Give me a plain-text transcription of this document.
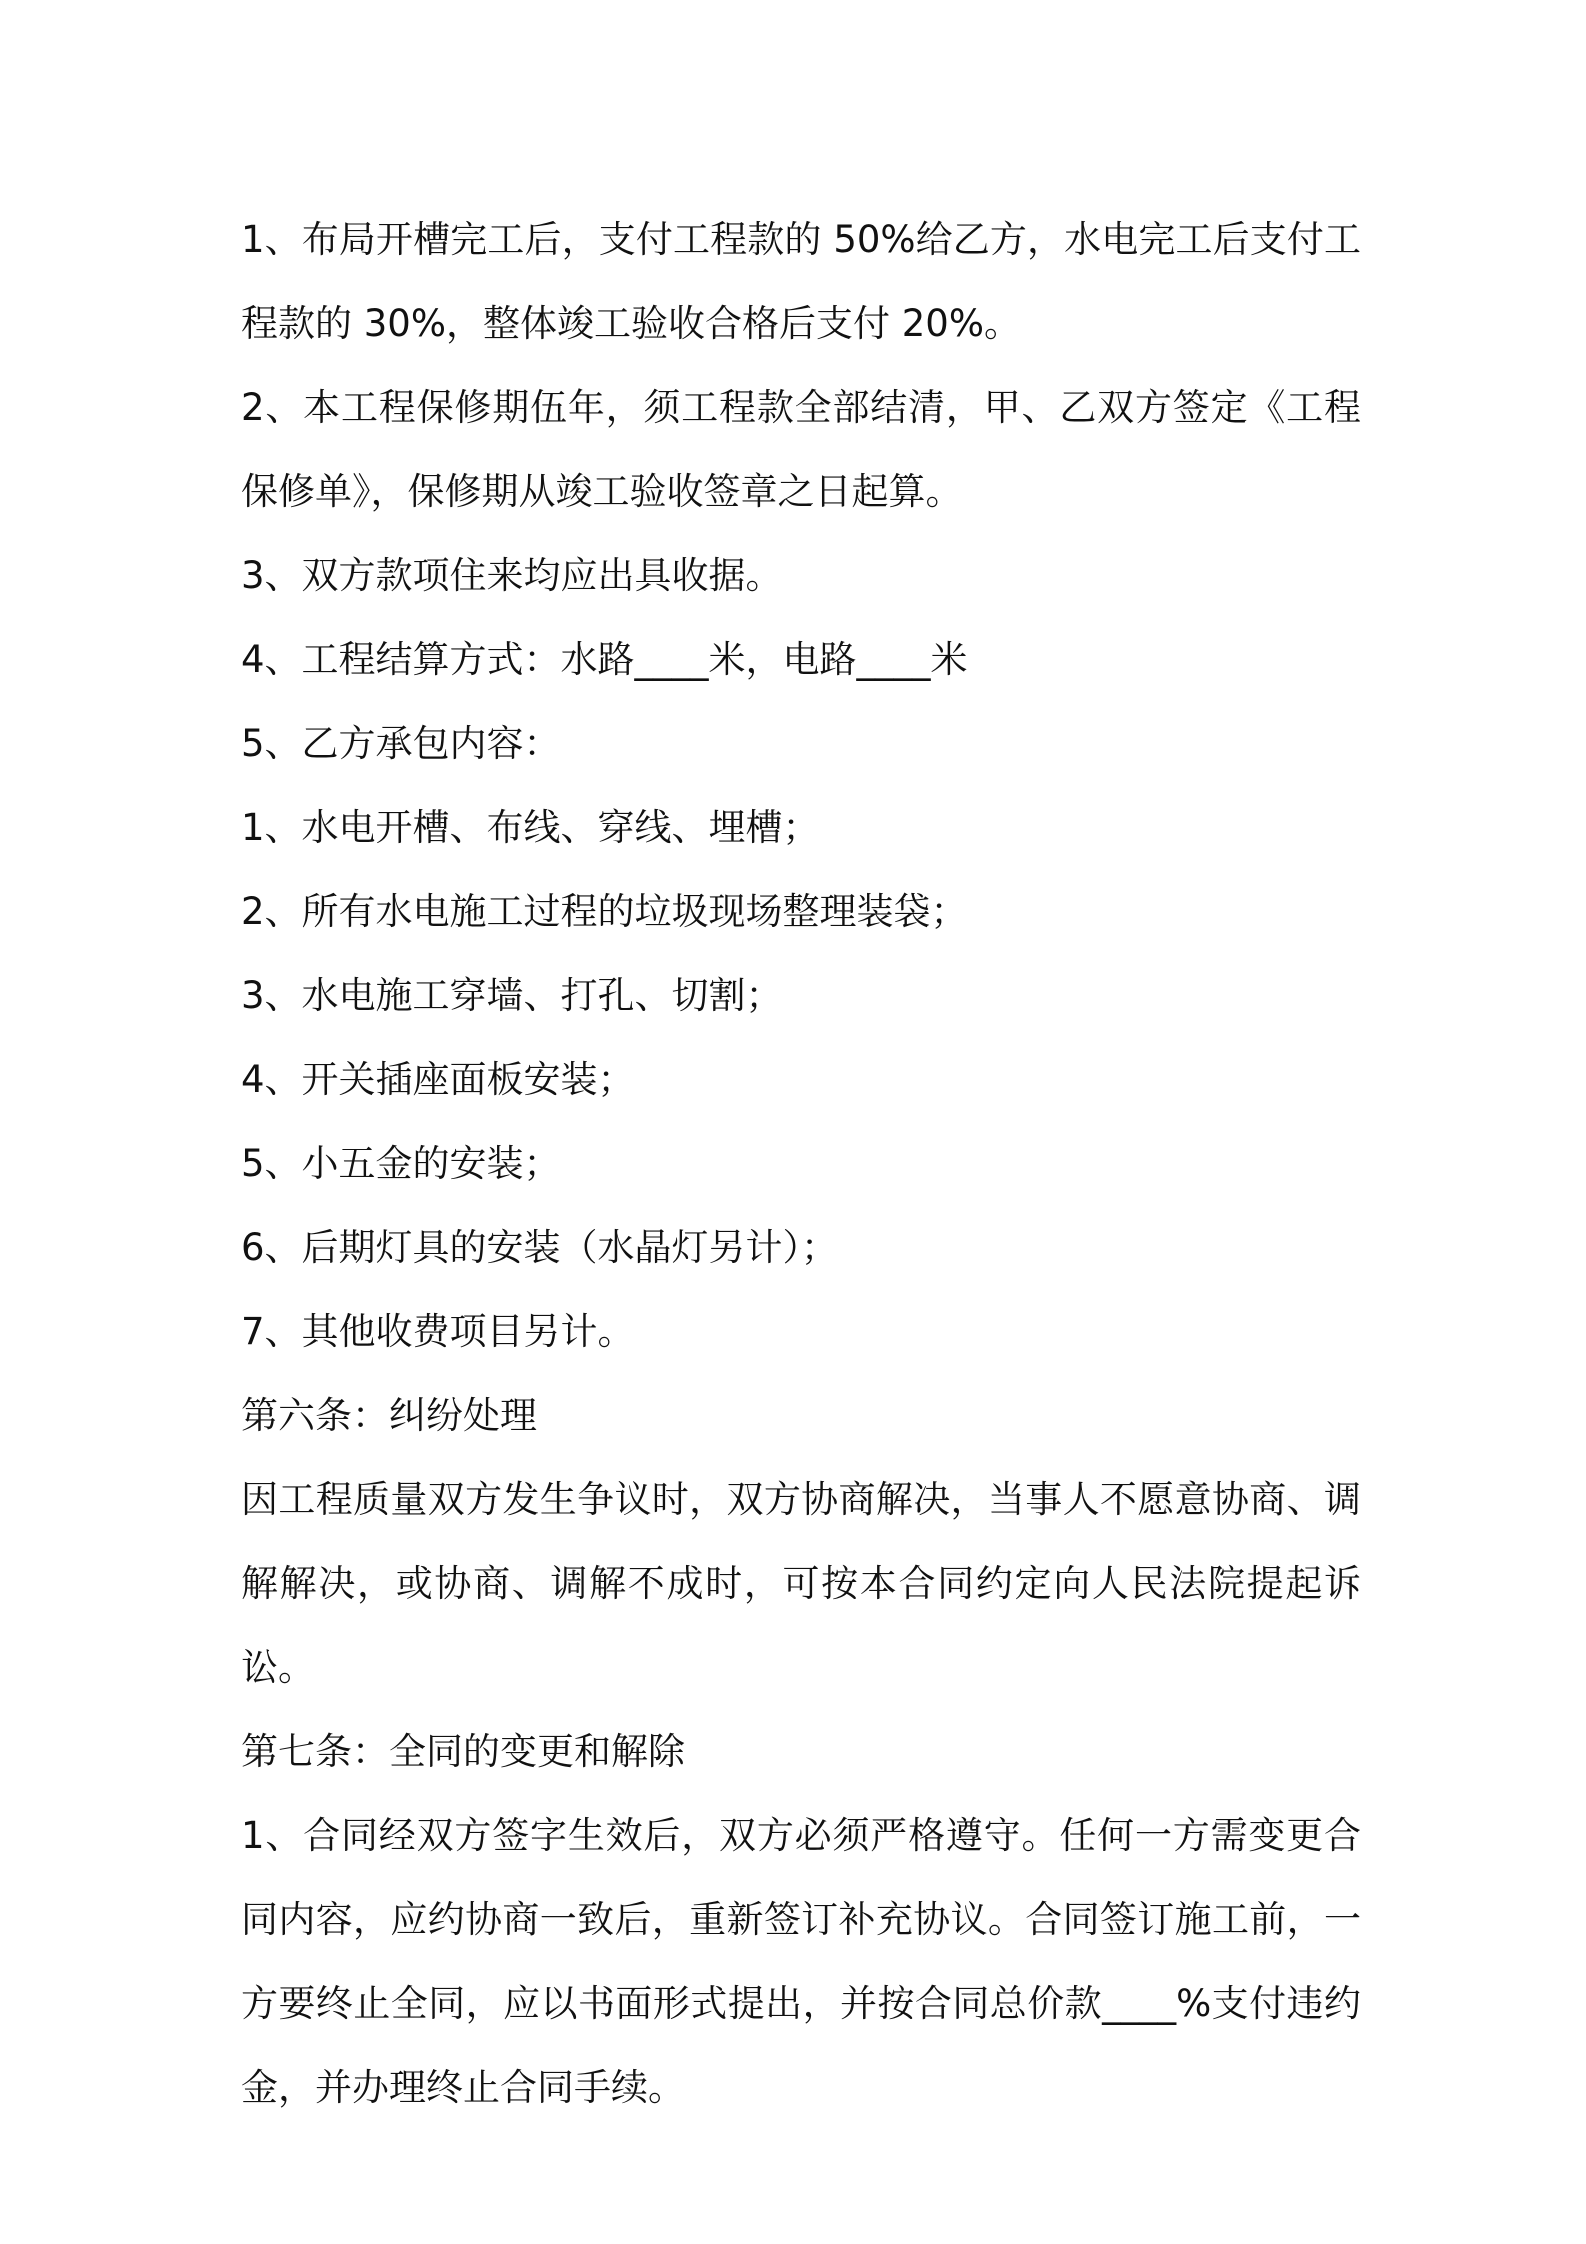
1、布局开槽完工后，支付工程款的 50%给乙方，水电完工后支付工程款的 30%，整体竣工验收合格后支付 20%。

2、本工程保修期伍年，须工程款全部结清，甲、乙双方签定《工程保修单》，保修期从竣工验收签章之日起算。

3、双方款项住来均应出具收据。

4、工程结算方式：水路____米，电路____米

5、乙方承包内容：

1、水电开槽、布线、穿线、埋槽；

2、所有水电施工过程的垃圾现场整理装袋；

3、水电施工穿墙、打孔、切割；

4、开关插座面板安装；

5、小五金的安装；

6、后期灯具的安装（水晶灯另计）；

7、其他收费项目另计。

第六条：纠纷处理

因工程质量双方发生争议时，双方协商解决，当事人不愿意协商、调解解决，或协商、调解不成时，可按本合同约定向人民法院提起诉讼。

第七条：全同的变更和解除

1、合同经双方签字生效后，双方必须严格遵守。任何一方需变更合同内容，应约协商一致后，重新签订补充协议。合同签订施工前，一方要终止全同，应以书面形式提出，并按合同总价款____%支付违约金，并办理终止合同手续。
